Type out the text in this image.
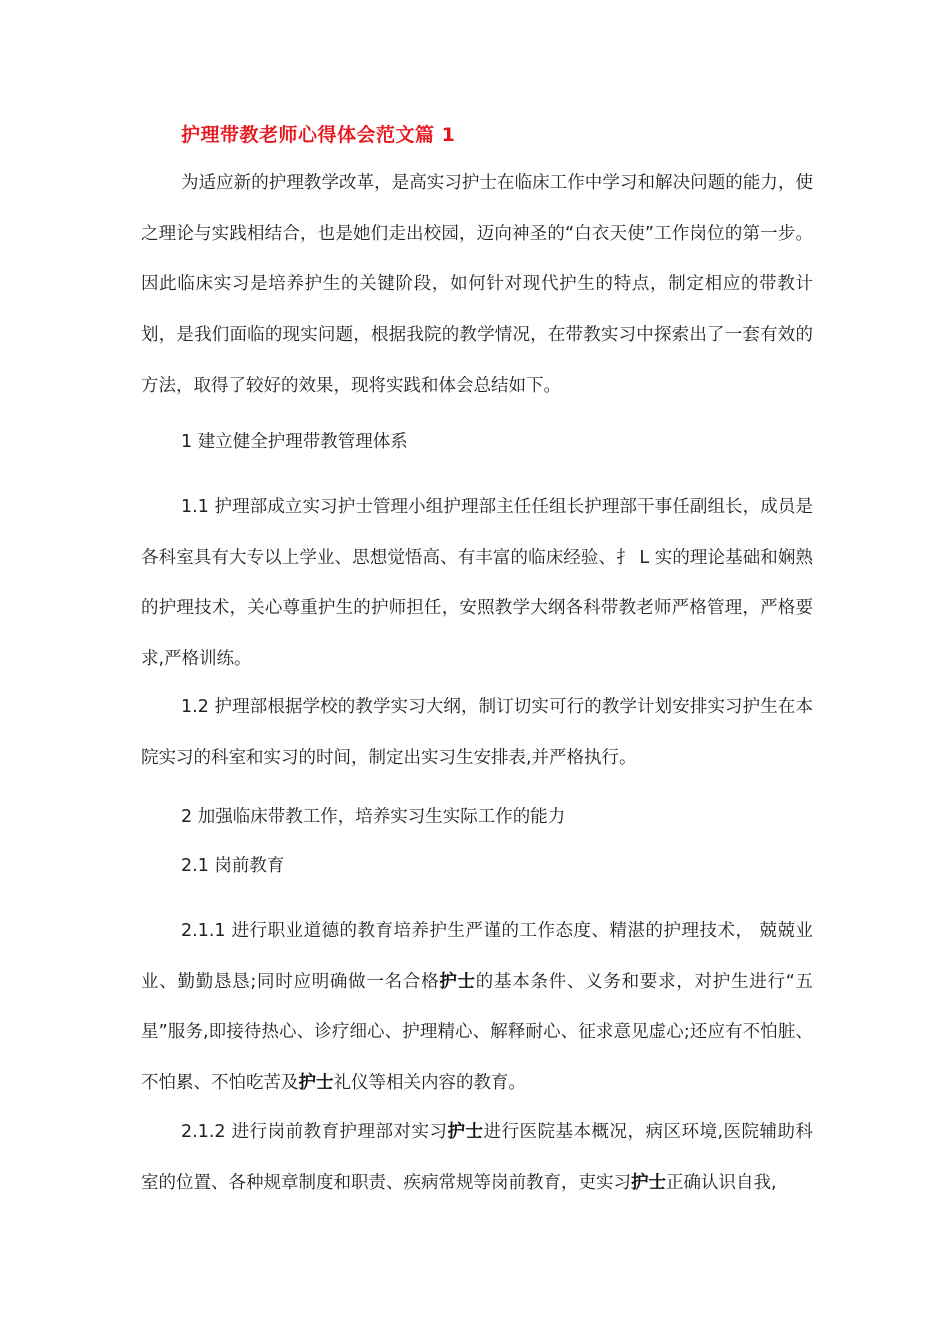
护理带教老师心得体会范文篇 1

为适应新的护理教学改革，是高实习护士在临床工作中学习和解决问题的能力，使之理论与实践相结合，也是她们走出校园，迈向神圣的“白衣天使”工作岗位的第一步。因此临床实习是培养护生的关键阶段，如何针对现代护生的特点，制定相应的带教计划，是我们面临的现实问题，根据我院的教学情况，在带教实习中探索出了一套有效的方法，取得了较好的效果，现将实践和体会总结如下。

1 建立健全护理带教管理体系

1.1 护理部成立实习护士管理小组护理部主任任组长护理部干事任副组长，成员是各科室具有大专以上学业、思想觉悟高、有丰富的临床经验、扌 L 实的理论基础和娴熟的护理技术，关心尊重护生的护师担任，安照教学大纲各科带教老师严格管理，严格要求,严格训练。

1.2 护理部根据学校的教学实习大纲，制订切实可行的教学计划安排实习护生在本院实习的科室和实习的时间，制定出实习生安排表,并严格执行。

2 加强临床带教工作，培养实习生实际工作的能力

2.1 岗前教育

2.1.1 进行职业道德的教育培养护生严谨的工作态度、精湛的护理技术， 兢兢业业、勤勤恳恳;同时应明确做一名合格护士的基本条件、义务和要求，对护生进行“五星”服务,即接待热心、诊疗细心、护理精心、解释耐心、征求意见虚心;还应有不怕脏、不怕累、不怕吃苦及护士礼仪等相关内容的教育。

2.1.2 进行岗前教育护理部对实习护士进行医院基本概况，病区环境,医院辅助科室的位置、各种规章制度和职责、疾病常规等岗前教育，吏实习护士正确认识自我,
